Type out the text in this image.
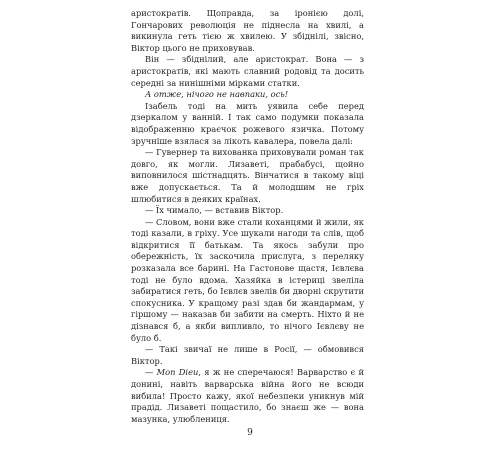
аристократів. Щоправда, за іронією долі, Гончарових революція не піднесла на хвилі, а викинула геть тією ж хвилею. У збіднілі, звісно, Віктор цього не приховував.

Він — збіднілий, але аристократ. Вона — з аристократів, які мають славний родовід та досить середні за нинішніми мірками статки.

А отже, нічого не навпаки, ось!

Ізабель тоді на мить уявила себе перед дзеркалом у ванній. І так само подумки показала відображенню краєчок рожевого язичка. Потому зручніше взялася за лікоть кавалера, повела далі:

— Гувернер та вихованка приховували роман так довго, як могли. Лизаветі, прабабусі, щойно виповнилося шістнадцять. Вінчатися в такому віці вже допускається. Та й молодшим не гріх шлюбитися в деяких країнах.

— Їх чимало, — вставив Віктор.

— Словом, вони вже стали коханцями й жили, як тоді казали, в гріху. Усе шукали нагоди та слів, щоб відкритися її батькам. Та якось забули про обережність, їх заскочила прислуга, з переляку розказала все барині. На Гастонове щастя, Ієвлєва тоді не було вдома. Хазяйка в істериці звеліла забиратися геть, бо Ієвлєв звелів би дворні скрутити спокусника. У кращому разі здав би жандармам, у гіршому — наказав би забити на смерть. Ніхто й не дізнався б, а якби випливло, то нічого Ієвлєву не було б.

— Такі звичаї не лише в Росії, — обмовився Віктор.

— Mon Dieu, я ж не сперечаюся! Варварство є й донині, навіть варварська війна його не всюди вибила! Просто кажу, якої небезпеки уникнув мій прадід. Лизаветі пощастило, бо знаєш же — вона мазунка, улюблениця.

9
